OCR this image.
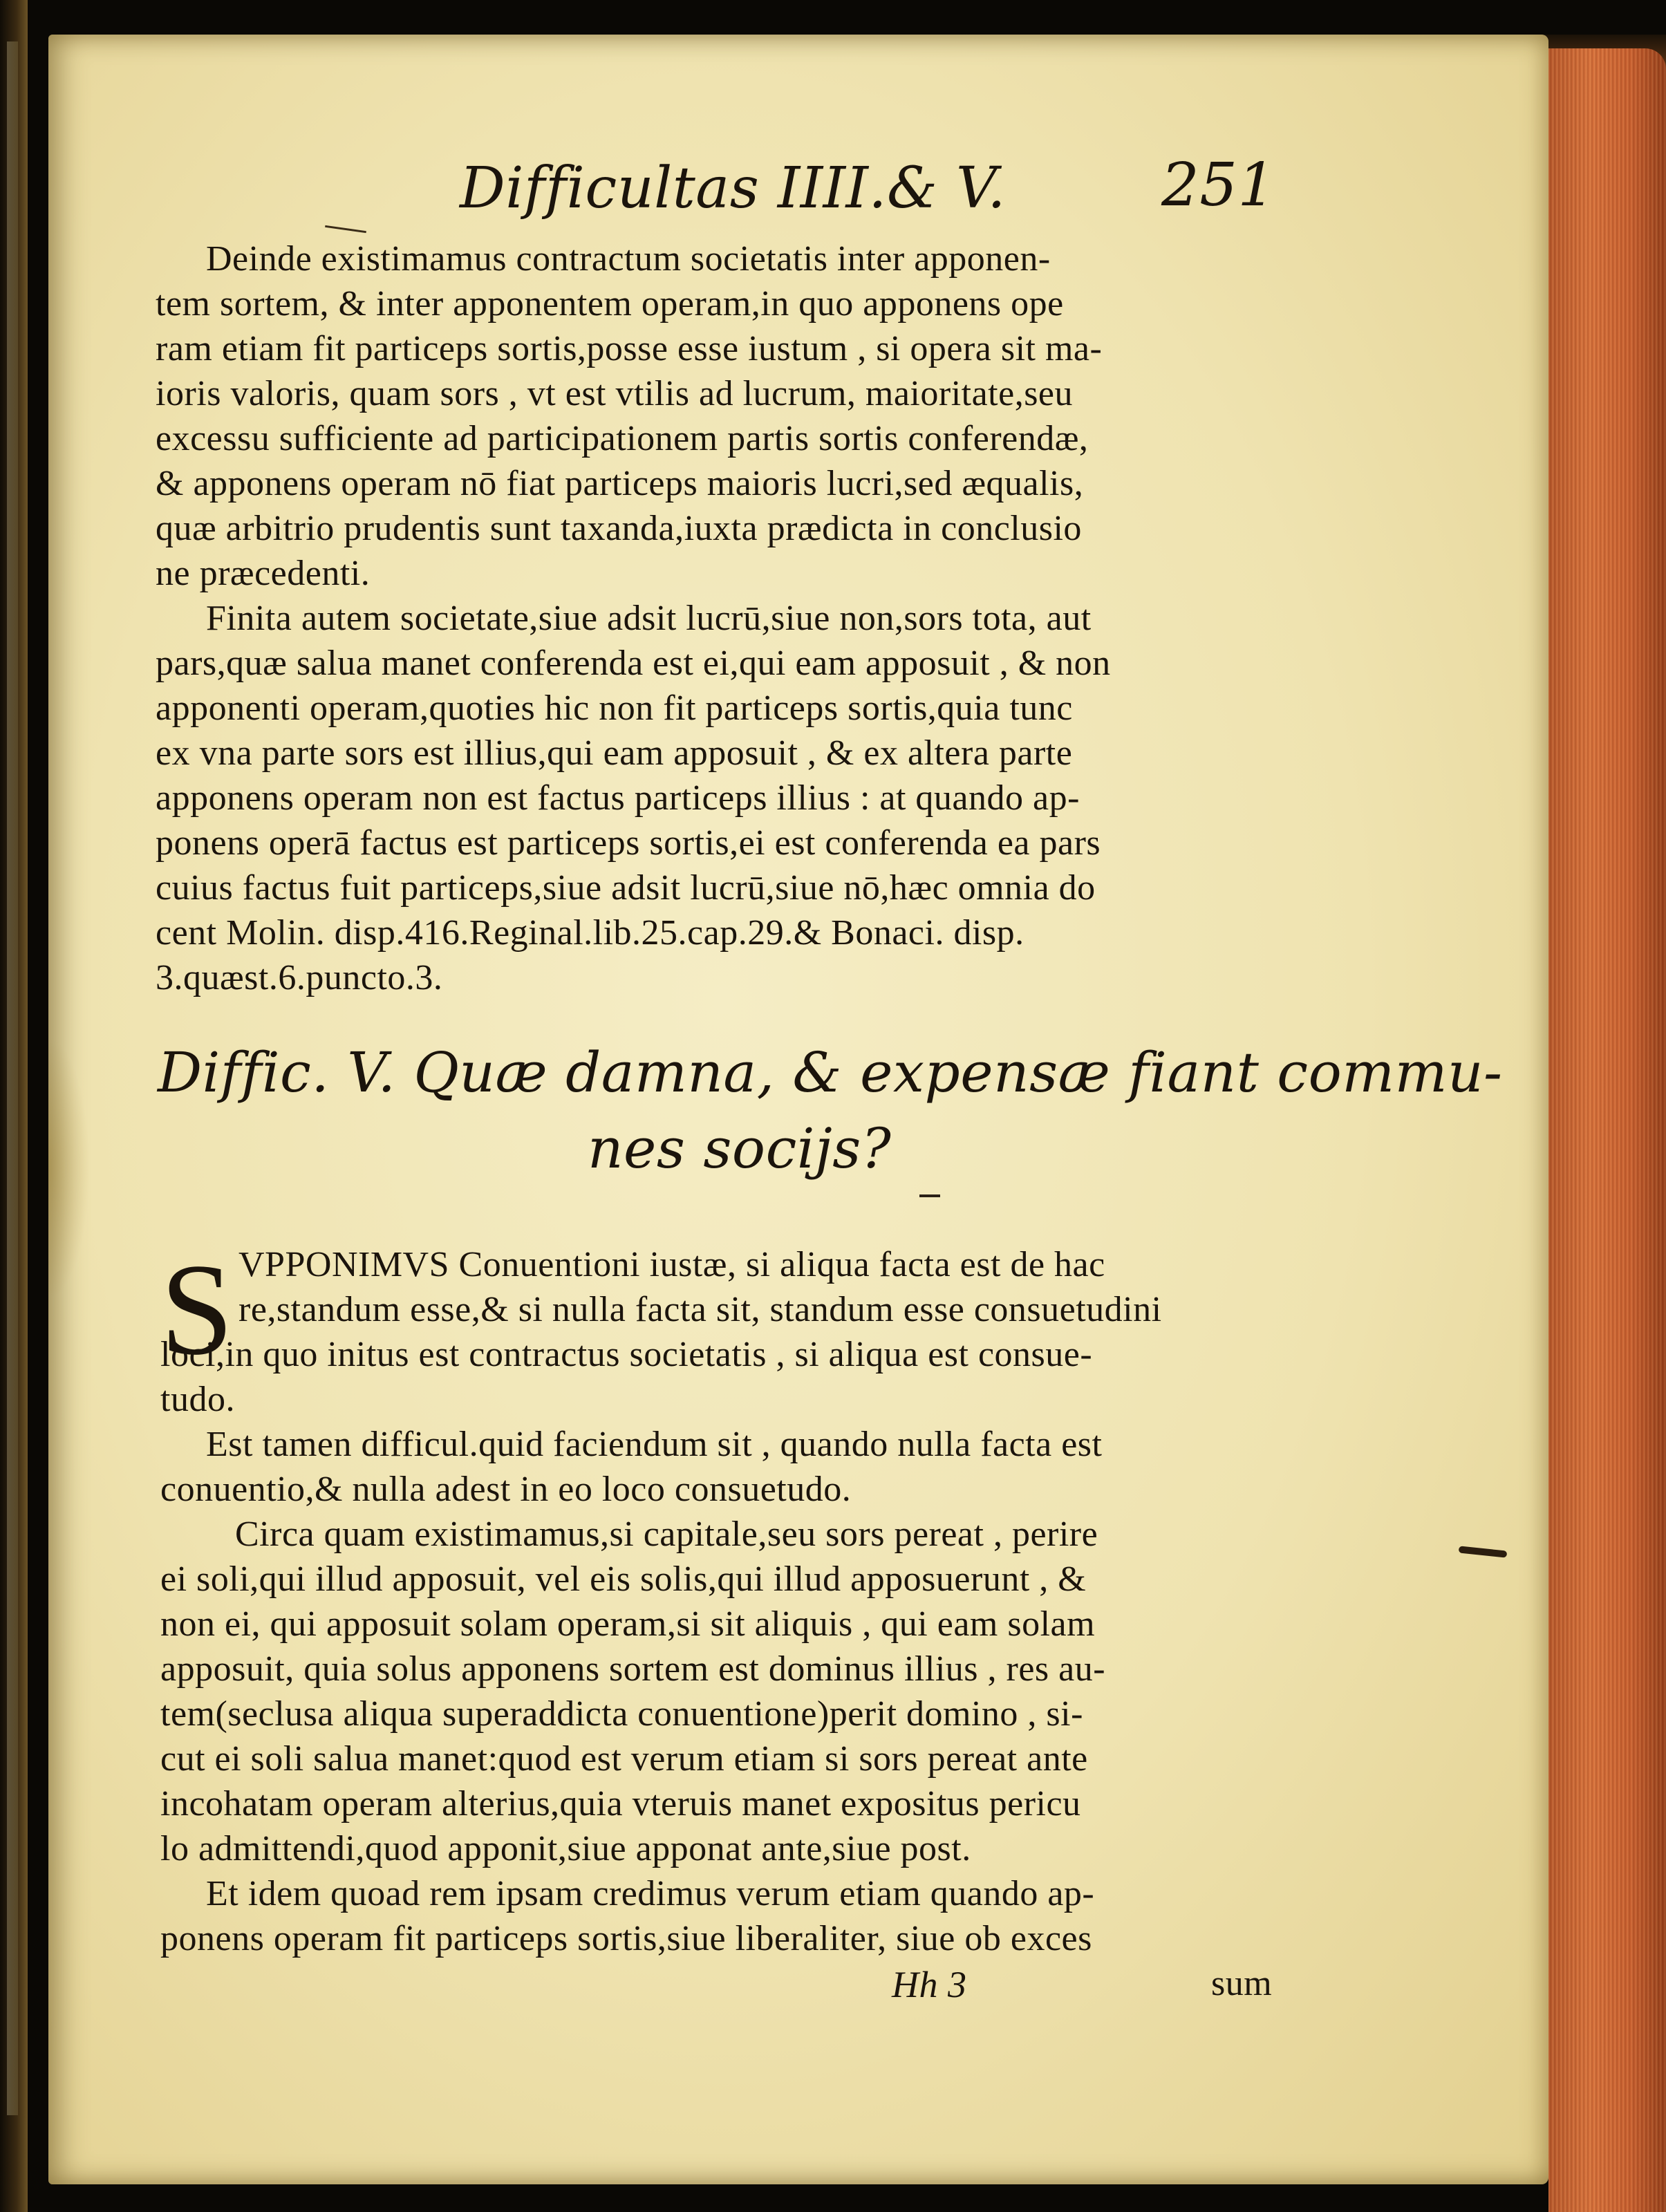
Difficultas IIII.& V.	251
Deinde existimamus contractum societatis inter apponen-
tem sortem, & inter apponentem operam,in quo apponens ope
ram etiam fit particeps sortis,posse esse iustum , si opera sit ma-
ioris valoris, quam sors , vt est vtilis ad lucrum, maioritate,seu
excessu sufficiente ad participationem partis sortis conferendæ,
& apponens operam nō fiat particeps maioris lucri,sed æqualis,
quæ arbitrio prudentis sunt taxanda,iuxta prædicta in conclusio
ne præcedenti.
Finita autem societate,siue adsit lucrū,siue non,sors tota, aut
pars,quæ salua manet conferenda est ei,qui eam apposuit , & non
apponenti operam,quoties hic non fit particeps sortis,quia tunc
ex vna parte sors est illius,qui eam apposuit , & ex altera parte
apponens operam non est factus particeps illius : at quando ap-
ponens operā factus est particeps sortis,ei est conferenda ea pars
cuius factus fuit particeps,siue adsit lucrū,siue nō,hæc omnia do
cent Molin. disp.416.Reginal.lib.25.cap.29.& Bonaci. disp.
3.quæst.6.puncto.3.
Diffic. V. Quæ damna, & expensæ fiant commu-
nes socijs?
S VPPONIMVS Conuentioni iustæ, si aliqua facta est de hac
re,standum esse,& si nulla facta sit, standum esse consuetudini
loci,in quo initus est contractus societatis , si aliqua est consue-
tudo.
Est tamen difficul.quid faciendum sit , quando nulla facta est
conuentio,& nulla adest in eo loco consuetudo.
Circa quam existimamus,si capitale,seu sors pereat , perire
ei soli,qui illud apposuit, vel eis solis,qui illud apposuerunt , &
non ei, qui apposuit solam operam,si sit aliquis , qui eam solam
apposuit, quia solus apponens sortem est dominus illius , res au-
tem(seclusa aliqua superaddicta conuentione)perit domino , si-
cut ei soli salua manet:quod est verum etiam si sors pereat ante
incohatam operam alterius,quia vteruis manet expositus pericu
lo admittendi,quod apponit,siue apponat ante,siue post.
Et idem quoad rem ipsam credimus verum etiam quando ap-
ponens operam fit particeps sortis,siue liberaliter, siue ob exces
Hh 3	sum
